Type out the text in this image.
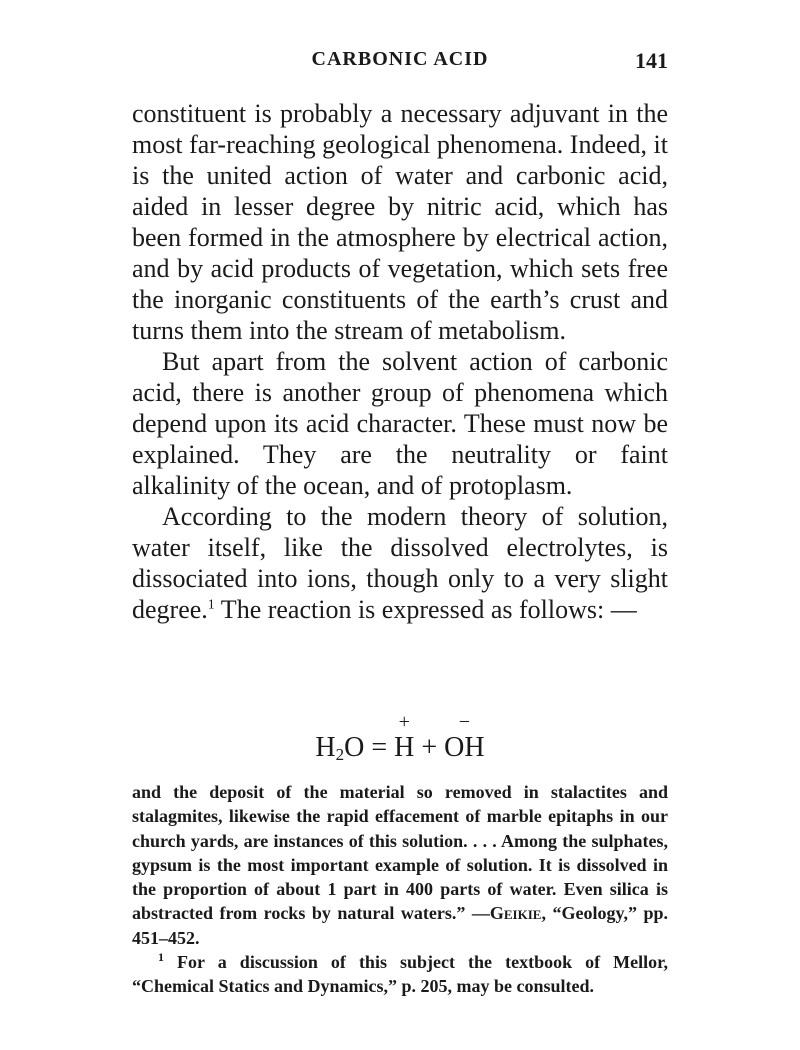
CARBONIC ACID	141

constituent is probably a necessary adjuvant in the most far-reaching geological phenomena. Indeed, it is the united action of water and carbonic acid, aided in lesser degree by nitric acid, which has been formed in the atmosphere by electrical action, and by acid products of vegetation, which sets free the inorganic constituents of the earth’s crust and turns them into the stream of metabolism.

But apart from the solvent action of carbonic acid, there is another group of phenomena which depend upon its acid character. These must now be explained. They are the neutrality or faint alkalinity of the ocean, and of protoplasm.

According to the modern theory of solution, water itself, like the dissolved electrolytes, is dissociated into ions, though only to a very slight degree.$^1$ The reaction is expressed as follows: —

$H_2O$ =
+
H +
−
OH

and the deposit of the material so removed in stalactites and stalagmites, likewise the rapid effacement of marble epitaphs in our church yards, are instances of this solution. . . . Among the sulphates, gypsum is the most important example of solution. It is dissolved in the proportion of about 1 part in 400 parts of water. Even silica is abstracted from rocks by natural waters.” —Geikie, “Geology,” pp. 451–452.

$^1$ For a discussion of this subject the textbook of Mellor, “Chemical Statics and Dynamics,” p. 205, may be consulted.
